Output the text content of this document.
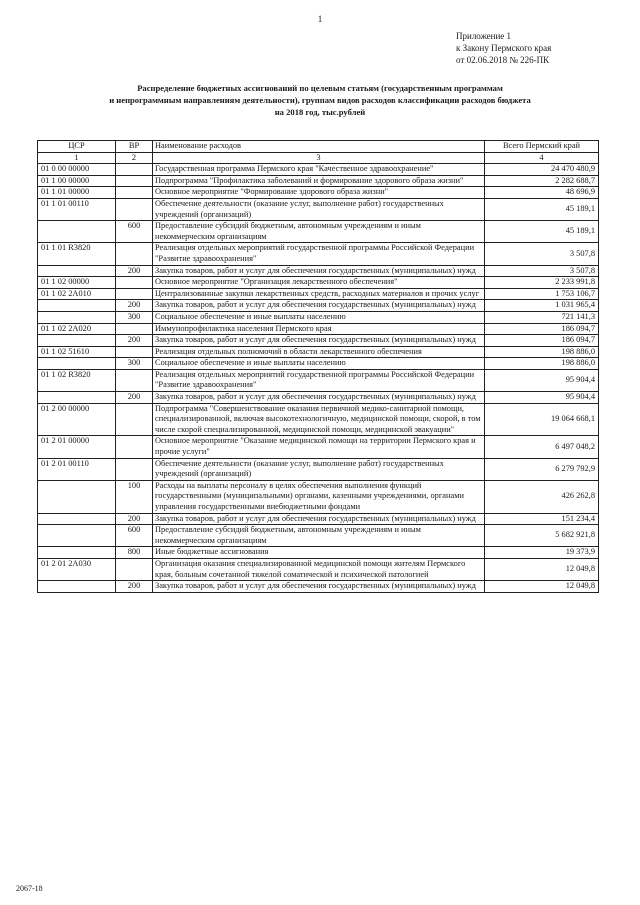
1
Приложение 1
к Закону Пермского края
от 02.06.2018 № 226-ПК
Распределение бюджетных ассигнований по целевым статьям (государственным программам
и непрограммным направлениям деятельности), группам видов расходов классификации расходов бюджета
на 2018 год, тыс.рублей
ЦСР	ВР	Наименование расходов	Всего Пермский край
1	2	3	4
01 0 00 00000		Государственная программа Пермского края "Качественное здравоохранение"	24 470 480,9
01 1 00 00000		Подпрограмма "Профилактика заболеваний и формирование здорового образа жизни"	2 282 688,7
01 1 01 00000		Основное мероприятие "Формирование здорового образа жизни"	48 696,9
01 1 01 00110		Обеспечение деятельности (оказание услуг, выполнение работ) государственных учреждений (организаций)	45 189,1
	600	Предоставление субсидий бюджетным, автономным учреждениям и иным некоммерческим организациям	45 189,1
01 1 01 R3820		Реализация отдельных мероприятий государственной программы Российской Федерации "Развитие здравоохранения"	3 507,8
	200	Закупка товаров, работ и услуг для обеспечения государственных (муниципальных) нужд	3 507,8
01 1 02 00000		Основное мероприятие "Организация лекарственного обеспечения"	2 233 991,8
01 1 02 2А010		Централизованные закупки лекарственных средств, расходных материалов и прочих услуг	1 753 106,7
	200	Закупка товаров, работ и услуг для обеспечения государственных (муниципальных) нужд	1 031 965,4
	300	Социальное обеспечение и иные выплаты населению	721 141,3
01 1 02 2А020		Иммунопрофилактика населения Пермского края	186 094,7
	200	Закупка товаров, работ и услуг для обеспечения государственных (муниципальных) нужд	186 094,7
01 1 02 51610		Реализация отдельных полномочий в области лекарственного обеспечения	198 886,0
	300	Социальное обеспечение и иные выплаты населению	198 886,0
01 1 02 R3820		Реализация отдельных мероприятий государственной программы Российской Федерации "Развитие здравоохранения"	95 904,4
	200	Закупка товаров, работ и услуг для обеспечения государственных (муниципальных) нужд	95 904,4
01 2 00 00000		Подпрограмма "Совершенствование оказания первичной медико-санитарной помощи, специализированной, включая высокотехнологичную, медицинской помощи, скорой, в том числе скорой специализированной, медицинской помощи, медицинской эвакуации"	19 064 668,1
01 2 01 00000		Основное мероприятие "Оказание медицинской помощи на территории Пермского края и прочие услуги"	6 497 048,2
01 2 01 00110		Обеспечение деятельности (оказание услуг, выполнение работ) государственных учреждений (организаций)	6 279 792,9
	100	Расходы на выплаты персоналу в целях обеспечения выполнения функций государственными (муниципальными) органами, казенными учреждениями, органами управления государственными внебюджетными фондами	426 262,8
	200	Закупка товаров, работ и услуг для обеспечения государственных (муниципальных) нужд	151 234,4
	600	Предоставление субсидий бюджетным, автономным учреждениям и иным некоммерческим организациям	5 682 921,8
	800	Иные бюджетные ассигнования	19 373,9
01 2 01 2А030		Организация оказания специализированной медицинской помощи жителям Пермского края, больным сочетанной тяжелой соматической и психической патологией	12 049,8
	200	Закупка товаров, работ и услуг для обеспечения государственных (муниципальных) нужд	12 049,8
2067-18
